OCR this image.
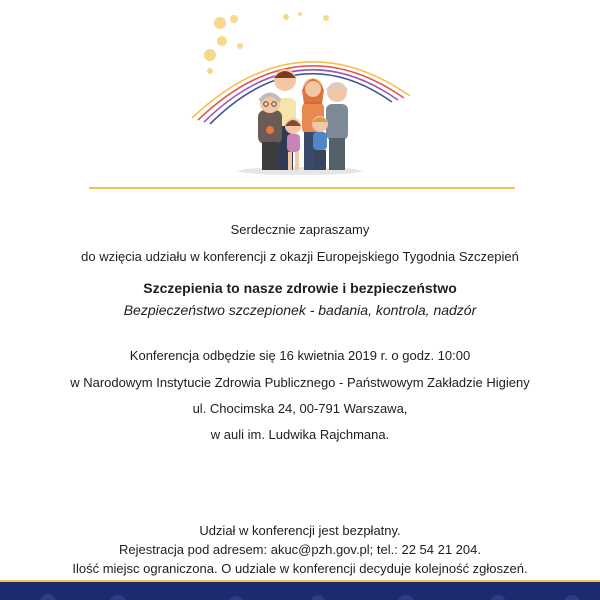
Serdecznie zapraszamy
do wzięcia udziału w konferencji z okazji Europejskiego Tygodnia Szczepień
Szczepienia to nasze zdrowie i bezpieczeństwo
Bezpieczeństwo szczepionek - badania, kontrola, nadzór
Konferencja odbędzie się 16 kwietnia 2019 r. o godz. 10:00
w Narodowym Instytucie Zdrowia Publicznego - Państwowym Zakładzie Higieny
ul. Chocimska 24, 00-791 Warszawa,
w auli im. Ludwika Rajchmana.
Udział w konferencji jest bezpłatny.
Rejestracja pod adresem: akuc@pzh.gov.pl; tel.: 22 54 21 204.
Ilość miejsc ograniczona. O udziale w konferencji decyduje kolejność zgłoszeń.
